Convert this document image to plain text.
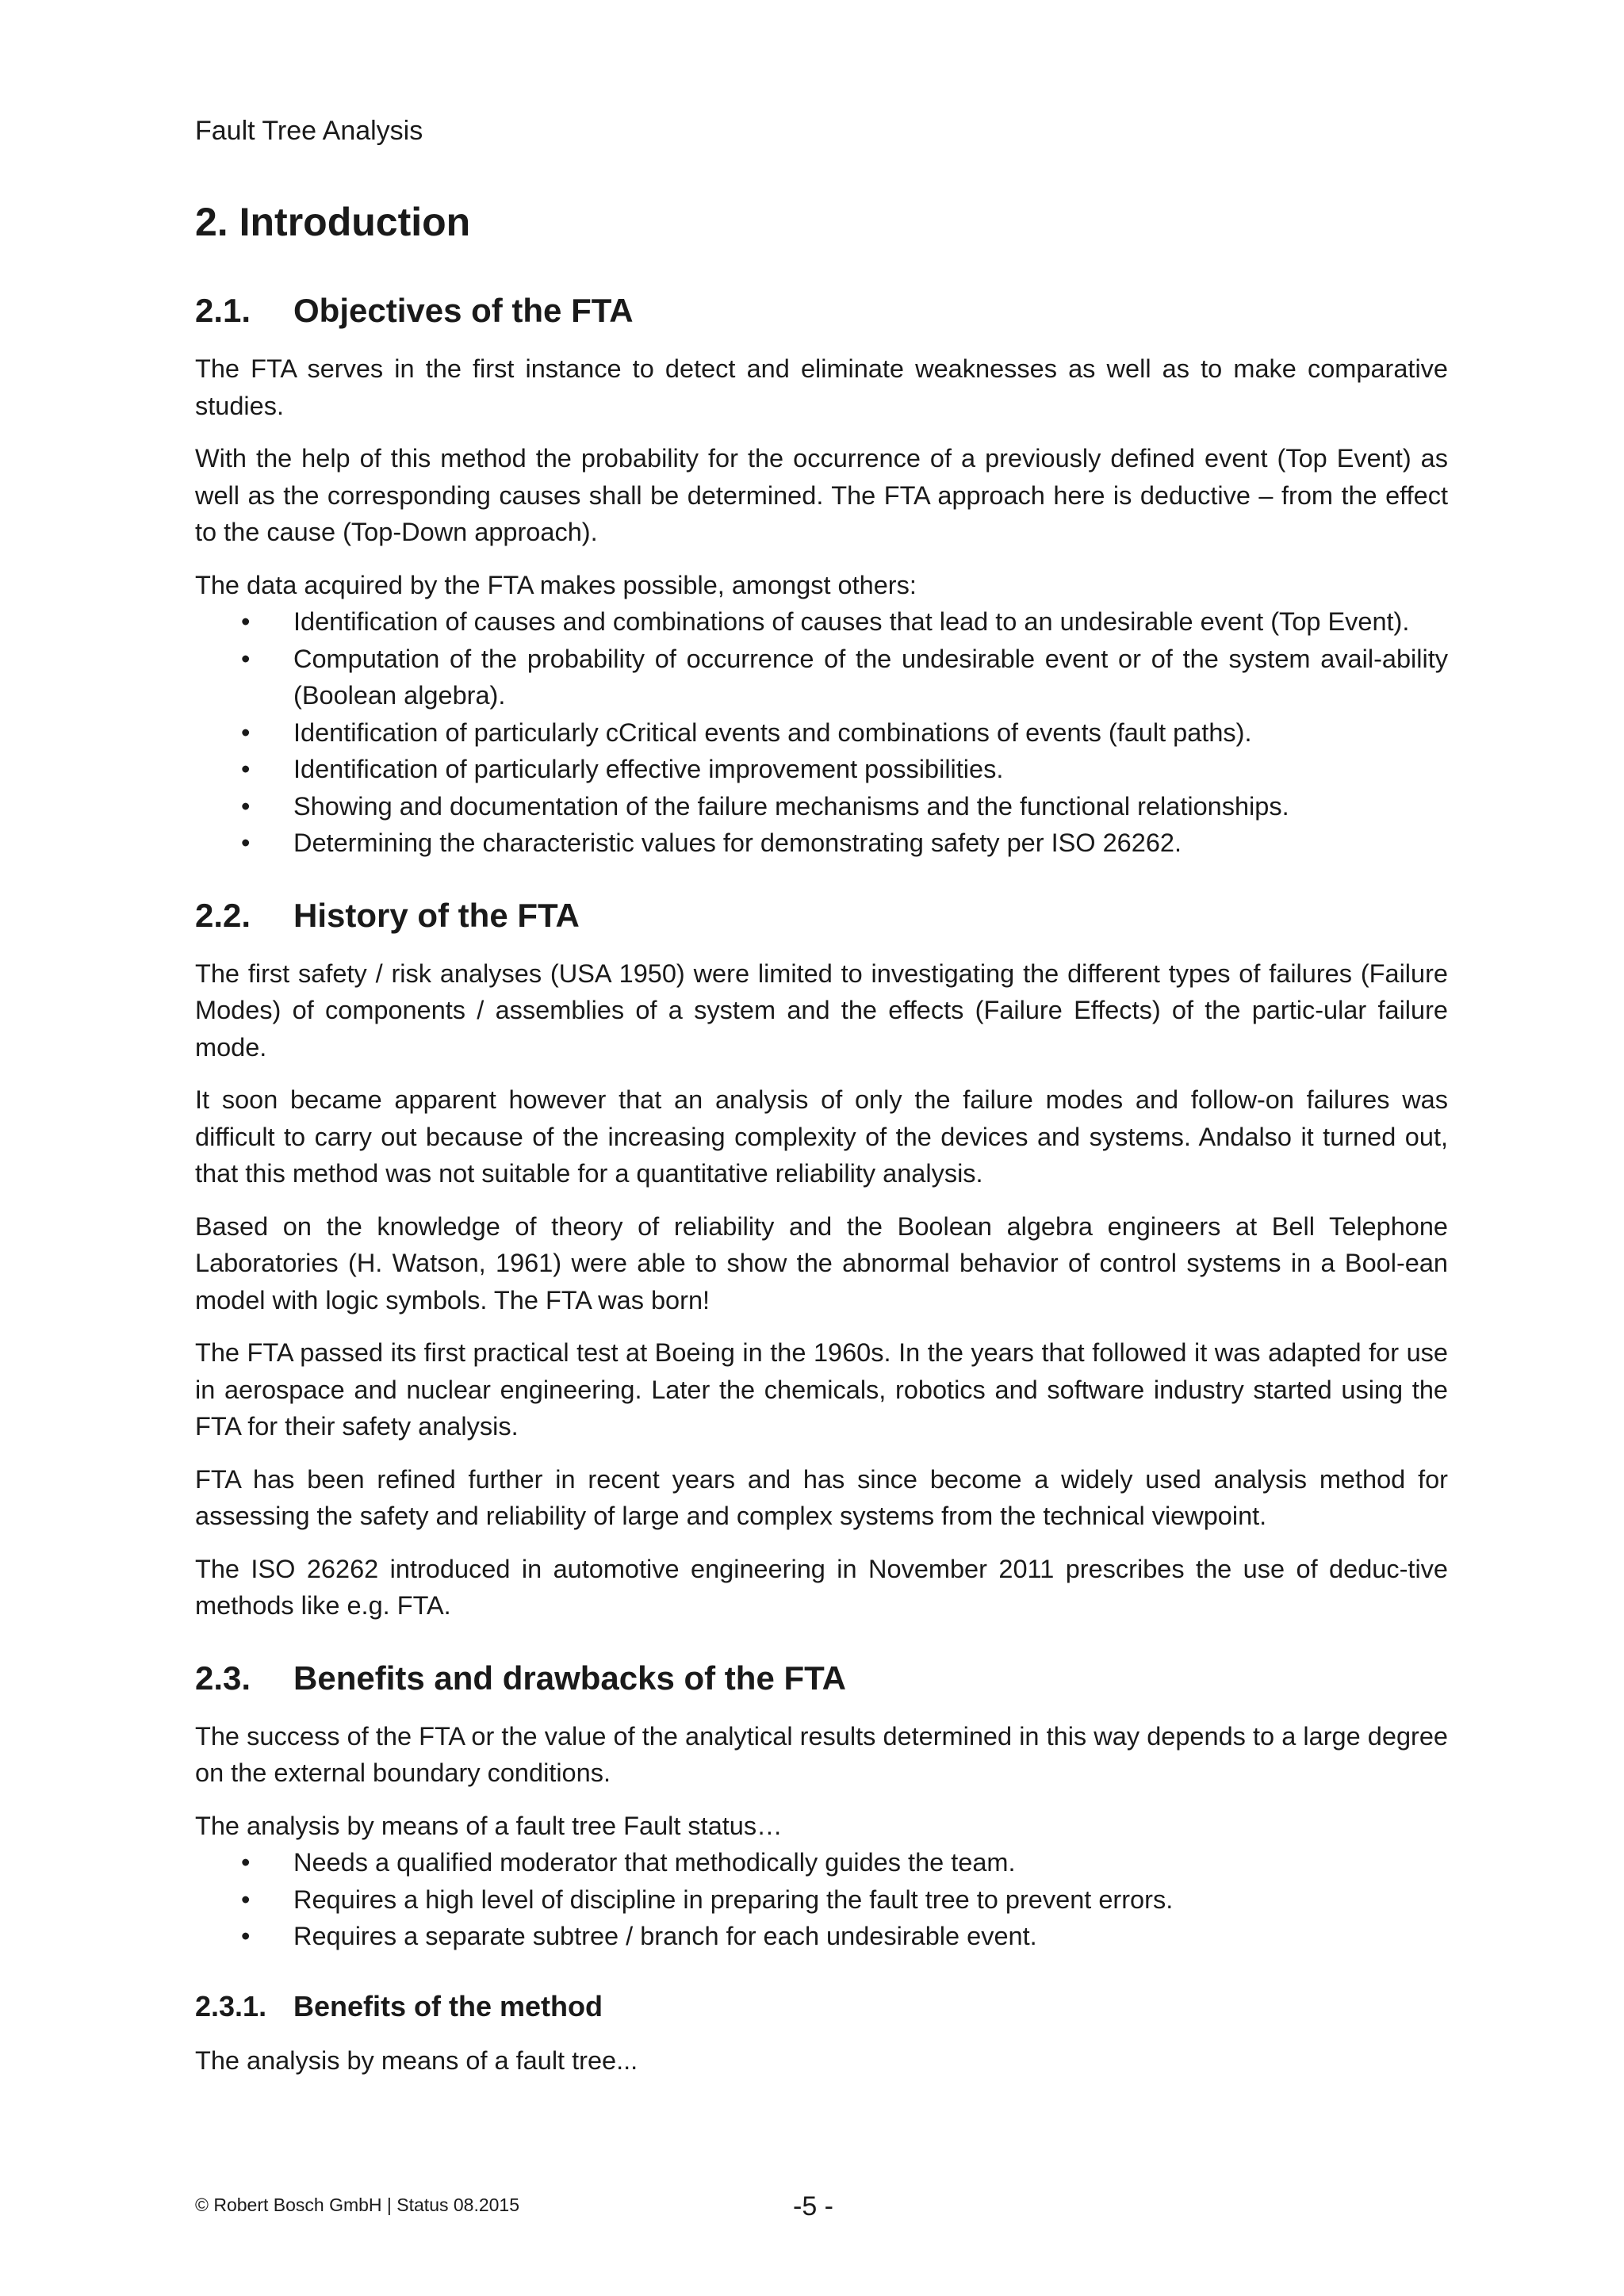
Fault Tree Analysis
2. Introduction
2.1.	Objectives of the FTA

The FTA serves in the first instance to detect and eliminate weaknesses as well as to make comparative studies.

With the help of this method the probability for the occurrence of a previously defined event (Top Event) as well as the corresponding causes shall be determined. The FTA approach here is deductive – from the effect to the cause (Top-Down approach).

The data acquired by the FTA makes possible, amongst others:

• Identification of causes and combinations of causes that lead to an undesirable event (Top Event).
• Computation of the probability of occurrence of the undesirable event or of the system avail-ability (Boolean algebra).
• Identification of particularly cCritical events and combinations of events (fault paths).
• Identification of particularly effective improvement possibilities.
• Showing and documentation of the failure mechanisms and the functional relationships.
• Determining the characteristic values for demonstrating safety per ISO 26262.
2.2.	History of the FTA

The first safety / risk analyses (USA 1950) were limited to investigating the different types of failures (Failure Modes) of components / assemblies of a system and the effects (Failure Effects) of the partic-ular failure mode.

It soon became apparent however that an analysis of only the failure modes and follow-on failures was difficult to carry out because of the increasing complexity of the devices and systems. Andalso it turned out, that this method was not suitable for a quantitative reliability analysis.

Based on the knowledge of theory of reliability and the Boolean algebra engineers at Bell Telephone Laboratories (H. Watson, 1961) were able to show the abnormal behavior of control systems in a Bool-ean model with logic symbols. The FTA was born!

The FTA passed its first practical test at Boeing in the 1960s. In the years that followed it was adapted for use in aerospace and nuclear engineering. Later the chemicals, robotics and software industry started using the FTA for their safety analysis.

FTA has been refined further in recent years and has since become a widely used analysis method for assessing the safety and reliability of large and complex systems from the technical viewpoint.

The ISO 26262 introduced in automotive engineering in November 2011 prescribes the use of deduc-tive methods like e.g. FTA.

2.3.	Benefits and drawbacks of the FTA

The success of the FTA or the value of the analytical results determined in this way depends to a large degree on the external boundary conditions.

The analysis by means of a fault tree Fault status…

• Needs a qualified moderator that methodically guides the team.
• Requires a high level of discipline in preparing the fault tree to prevent errors.
• Requires a separate subtree / branch for each undesirable event.
2.3.1. Benefits of the method

The analysis by means of a fault tree...

© Robert Bosch GmbH | Status 08.2015	-5 -
